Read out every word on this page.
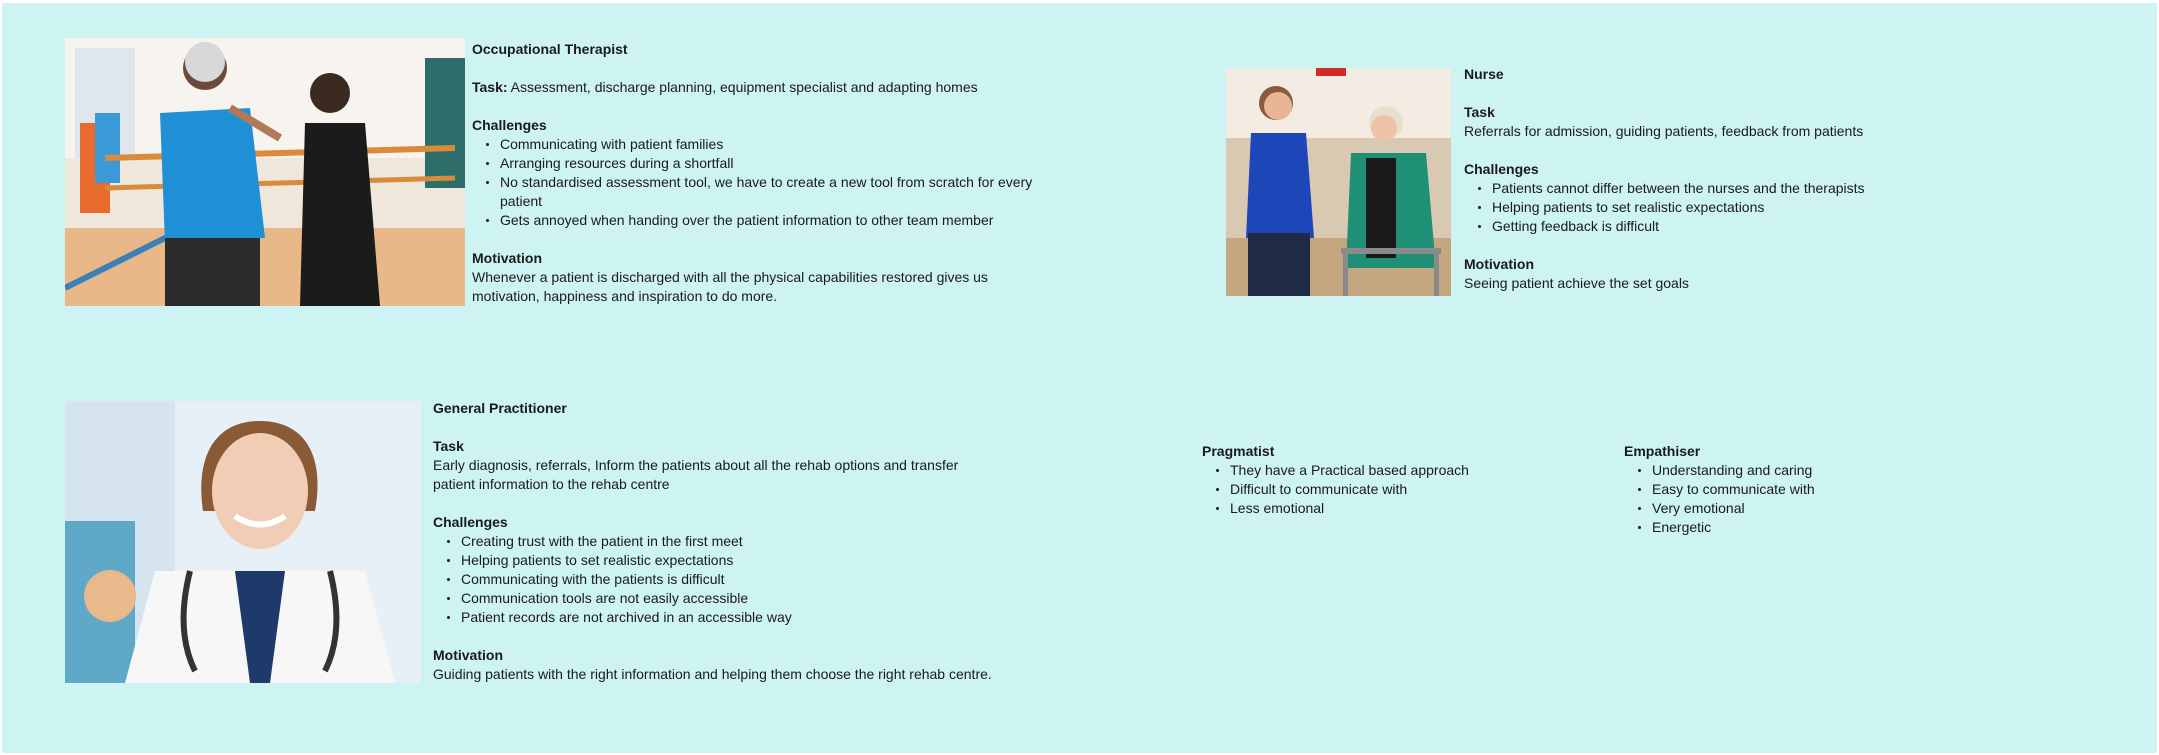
Occupational Therapist

Task: Assessment, discharge planning, equipment specialist and adapting homes

Challenges
Communicating with patient families
Arranging resources during a shortfall
No standardised assessment tool, we have to create a new tool from scratch for every patient
Gets annoyed when handing over the patient information to other team member
Motivation

Whenever a patient is discharged with all the physical capabilities restored gives us motivation, happiness and inspiration to do more.

Nurse
Task

Referrals for admission, guiding patients, feedback from patients

Challenges
Patients cannot differ between the nurses and the therapists
Helping patients to set realistic expectations
Getting feedback is difficult
Motivation

Seeing patient achieve the set goals

General Practitioner
Task

Early diagnosis, referrals, Inform the patients about all the rehab options and transfer patient information to the rehab centre

Challenges
Creating trust with the patient in the first meet
Helping patients to set realistic expectations
Communicating with the patients is difficult
Communication tools are not easily accessible
Patient records are not archived in an accessible way
Motivation

Guiding patients with the right information and helping them choose the right rehab centre.

Pragmatist
They have a Practical based approach
Difficult to communicate with
Less emotional
Empathiser
Understanding and caring
Easy to communicate with
Very emotional
Energetic
